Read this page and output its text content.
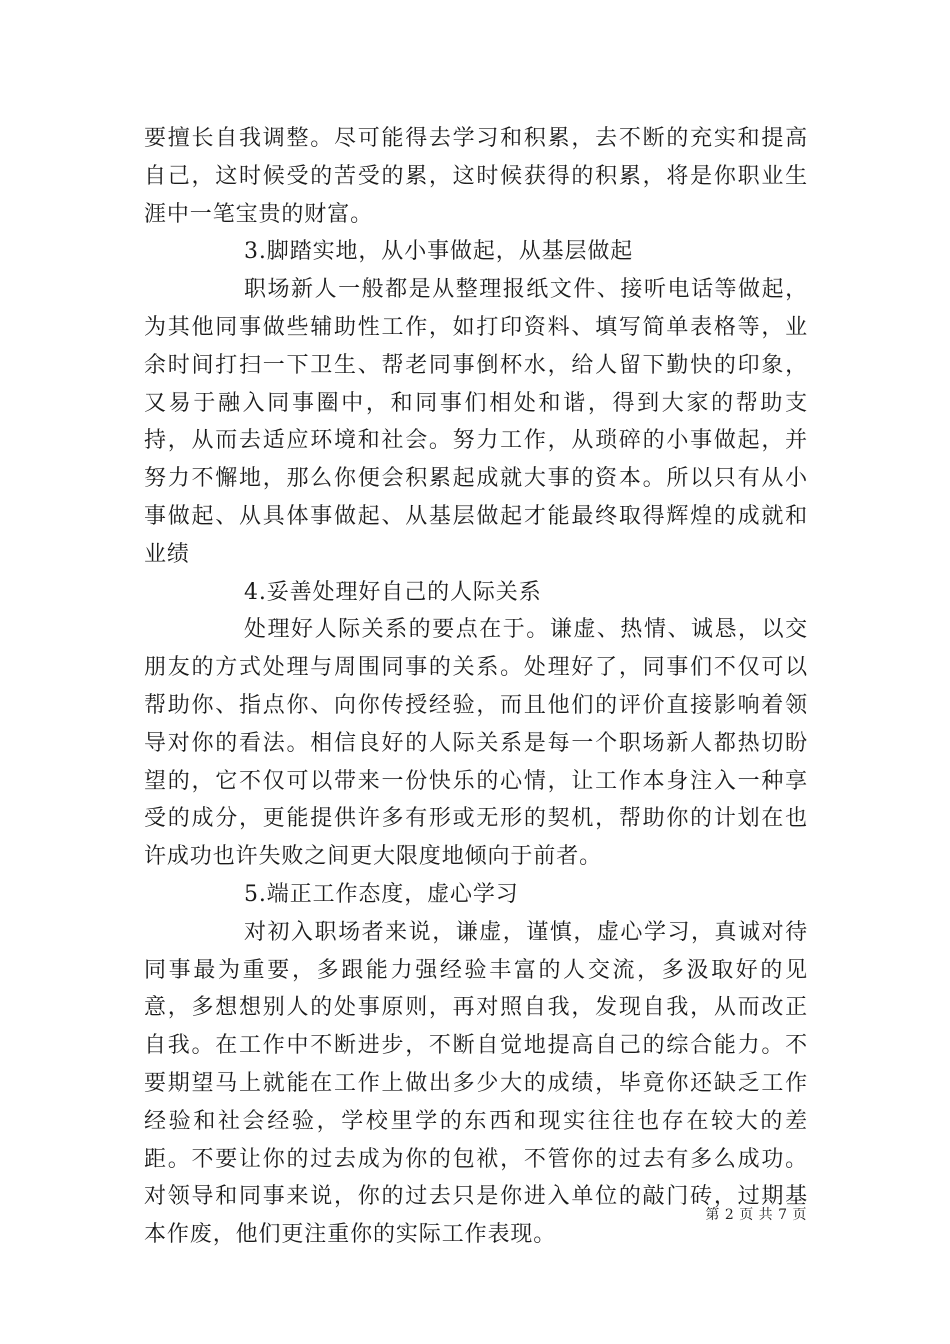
要擅长自我调整。尽可能得去学习和积累，去不断的充实和提高自己，这时候受的苦受的累，这时候获得的积累，将是你职业生涯中一笔宝贵的财富。

3.脚踏实地，从小事做起，从基层做起

职场新人一般都是从整理报纸文件、接听电话等做起，为其他同事做些辅助性工作，如打印资料、填写简单表格等，业余时间打扫一下卫生、帮老同事倒杯水，给人留下勤快的印象，又易于融入同事圈中，和同事们相处和谐，得到大家的帮助支持，从而去适应环境和社会。努力工作，从琐碎的小事做起，并努力不懈地，那么你便会积累起成就大事的资本。所以只有从小事做起、从具体事做起、从基层做起才能最终取得辉煌的成就和业绩

4.妥善处理好自己的人际关系

处理好人际关系的要点在于。谦虚、热情、诚恳，以交朋友的方式处理与周围同事的关系。处理好了，同事们不仅可以帮助你、指点你、向你传授经验，而且他们的评价直接影响着领导对你的看法。相信良好的人际关系是每一个职场新人都热切盼望的，它不仅可以带来一份快乐的心情，让工作本身注入一种享受的成分，更能提供许多有形或无形的契机，帮助你的计划在也许成功也许失败之间更大限度地倾向于前者。

5.端正工作态度，虚心学习

对初入职场者来说，谦虚，谨慎，虚心学习，真诚对待同事最为重要，多跟能力强经验丰富的人交流，多汲取好的见意，多想想别人的处事原则，再对照自我，发现自我，从而改正自我。在工作中不断进步，不断自觉地提高自己的综合能力。不要期望马上就能在工作上做出多少大的成绩，毕竟你还缺乏工作经验和社会经验，学校里学的东西和现实往往也存在较大的差距。不要让你的过去成为你的包袱，不管你的过去有多么成功。对领导和同事来说，你的过去只是你进入单位的敲门砖，过期基本作废，他们更注重你的实际工作表现。

第 2 页 共 7 页
